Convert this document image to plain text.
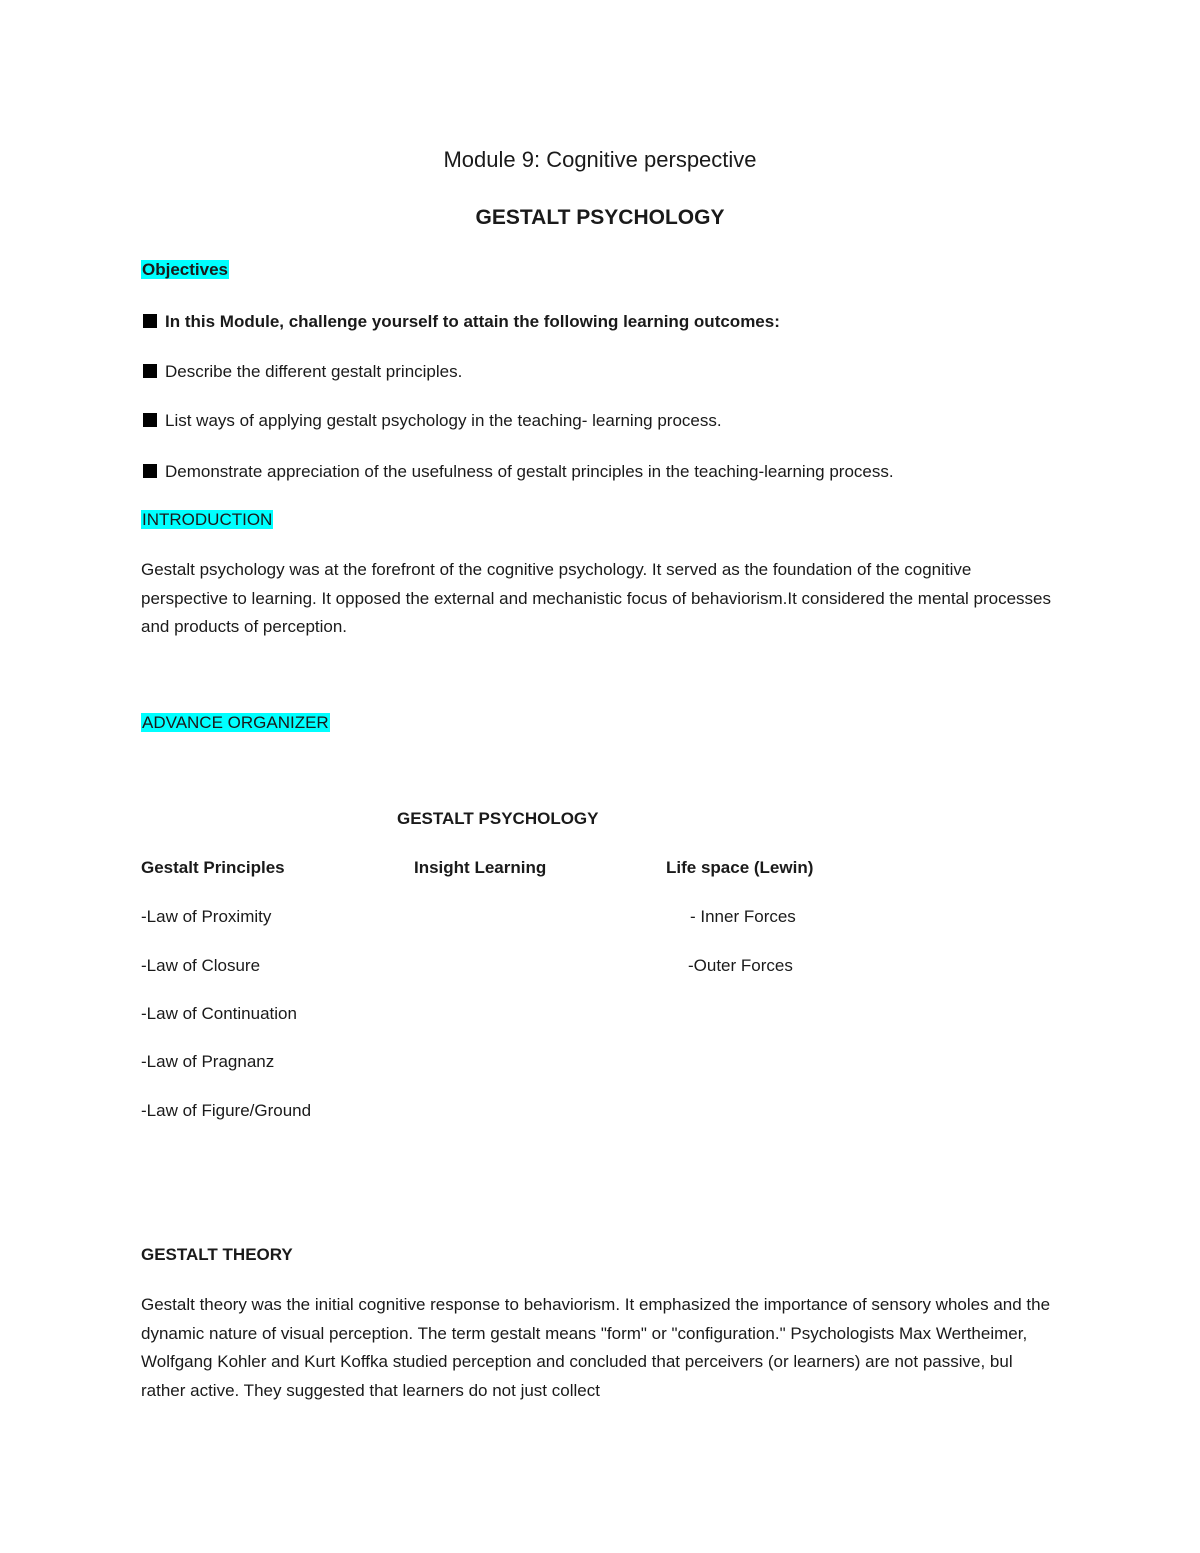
Module 9: Cognitive perspective
GESTALT PSYCHOLOGY
Objectives
In this Module, challenge yourself to attain the following learning outcomes:
Describe the different gestalt principles.
List ways of applying gestalt psychology in the teaching- learning process.
Demonstrate appreciation of the usefulness of gestalt principles in the teaching-learning process.
INTRODUCTION
Gestalt psychology was at the forefront of the cognitive psychology. It served as the foundation of the cognitive perspective to learning. It opposed the external and mechanistic focus of behaviorism.It considered the mental processes and products of perception.
ADVANCE ORGANIZER
GESTALT PSYCHOLOGY
Gestalt Principles	Insight Learning	Life space (Lewin)
-Law of Proximity
-Law of Closure
-Law of Continuation
-Law of Pragnanz
-Law of Figure/Ground
- Inner Forces
-Outer Forces
GESTALT THEORY
Gestalt theory was the initial cognitive response to behaviorism. It emphasized the importance of sensory wholes and the dynamic nature of visual perception. The term gestalt means "form" or "configuration." Psychologists Max Wertheimer, Wolfgang Kohler and Kurt Koffka studied perception and concluded that perceivers (or learners) are not passive, bul rather active. They suggested that learners do not just collect
